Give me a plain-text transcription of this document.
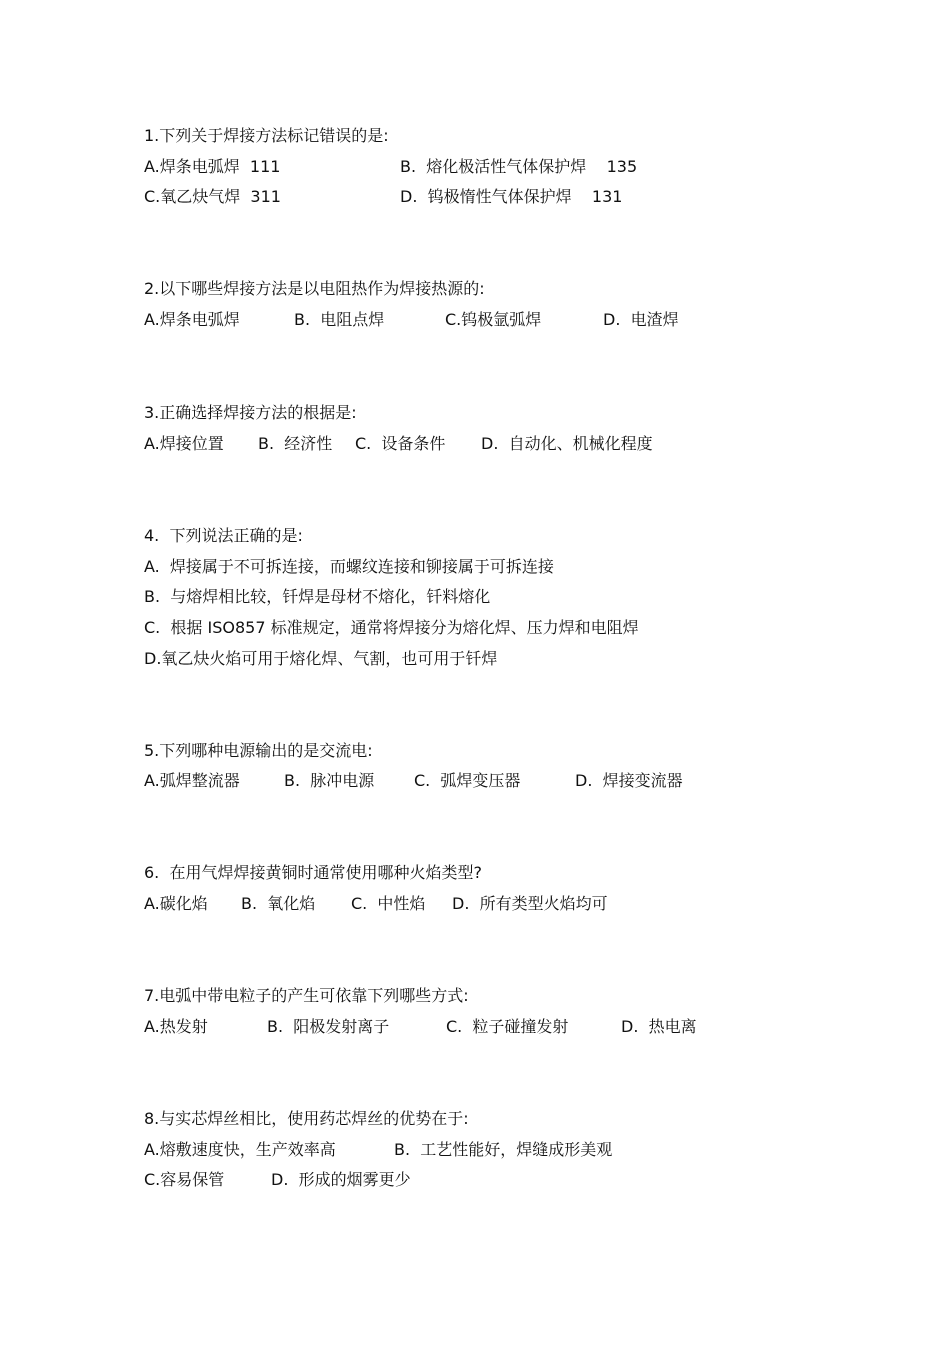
1.下列关于焊接方法标记错误的是:
A.焊条电弧焊  111	B.  熔化极活性气体保护焊    135
C.氧乙炔气焊  311	D.  钨极惰性气体保护焊    131
2.以下哪些焊接方法是以电阻热作为焊接热源的:
A.焊条电弧焊	B.  电阻点焊	C.钨极氩弧焊	D.  电渣焊
3.正确选择焊接方法的根据是:
A.焊接位置 B.  经济性 C.  设备条件 D.  自动化、机械化程度
4.  下列说法正确的是:
A.  焊接属于不可拆连接，而螺纹连接和铆接属于可拆连接
B.  与熔焊相比较，钎焊是母材不熔化，钎料熔化
C.  根据 ISO857 标准规定，通常将焊接分为熔化焊、压力焊和电阻焊
D.氧乙炔火焰可用于熔化焊、气割，也可用于钎焊
5.下列哪种电源输出的是交流电:
A.弧焊整流器	B.  脉冲电源 C.  弧焊变压器	D.  焊接变流器
6.  在用气焊焊接黄铜时通常使用哪种火焰类型?
A.碳化焰 B.  氧化焰 C.  中性焰 D.  所有类型火焰均可
7.电弧中带电粒子的产生可依靠下列哪些方式:
A.热发射	B.  阳极发射离子	C.  粒子碰撞发射	D.  热电离
8.与实芯焊丝相比，使用药芯焊丝的优势在于:
A.熔敷速度快，生产效率高	B.  工艺性能好，焊缝成形美观
C.容易保管	D.  形成的烟雾更少
